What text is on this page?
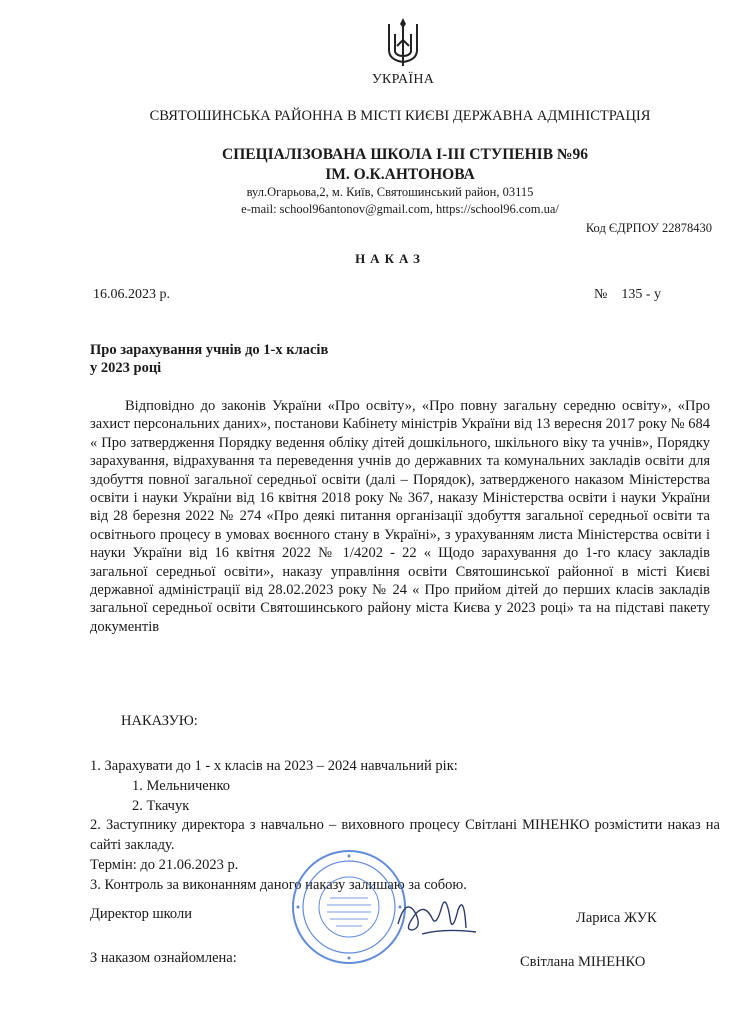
УКРАЇНА
СВЯТОШИНСЬКА РАЙОННА В МІСТІ КИЄВІ ДЕРЖАВНА АДМІНІСТРАЦІЯ
СПЕЦІАЛІЗОВАНА ШКОЛА І-ІІІ СТУПЕНІВ №96
ІМ. О.К.АНТОНОВА
вул.Огарьова,2, м. Київ, Святошинський район, 03115
e-mail: school96antonov@gmail.com, https://school96.com.ua/
Код ЄДРПОУ 22878430
НАКАЗ
16.06.2023 р.	№    135 - у
Про зарахування учнів до 1-х класів
у 2023 році

Відповідно до законів України «Про освіту», «Про повну загальну середню освіту», «Про захист персональних даних», постанови Кабінету міністрів України від 13 вересня 2017 року № 684 « Про затвердження Порядку ведення обліку дітей дошкільного, шкільного віку та учнів», Порядку зарахування, відрахування та переведення учнів до державних та комунальних закладів освіти для здобуття повної загальної середньої освіти (далі – Порядок), затвердженого наказом Міністерства освіти і науки України від 16 квітня 2018 року № 367, наказу Міністерства освіти і науки України від 28 березня 2022 № 274 «Про деякі питання організації здобуття загальної середньої освіти та освітнього процесу в умовах воєнного стану в Україні», з урахуванням листа Міністерства освіти і науки України від 16 квітня 2022 № 1/4202 - 22 « Щодо зарахування до 1-го класу закладів загальної середньої освіти», наказу управління освіти Святошинської районної в місті Києві державної адміністрації від 28.02.2023 року № 24 « Про прийом дітей до перших класів закладів загальної середньої освіти Святошинського району міста Києва у 2023 році» та на підставі пакету документів

НАКАЗУЮ:

1. Зарахувати до 1 - х класів на 2023 – 2024 навчальний рік:

1. Мельниченко

2. Ткачук

2. Заступнику директора з навчально – виховного процесу Світлані МІНЕНКО розмістити наказ на сайті закладу.

Термін: до 21.06.2023 р.

3. Контроль за виконанням даного наказу залишаю за собою.

Директор школи	Лариса ЖУК
З наказом ознайомлена:	Світлана МІНЕНКО
